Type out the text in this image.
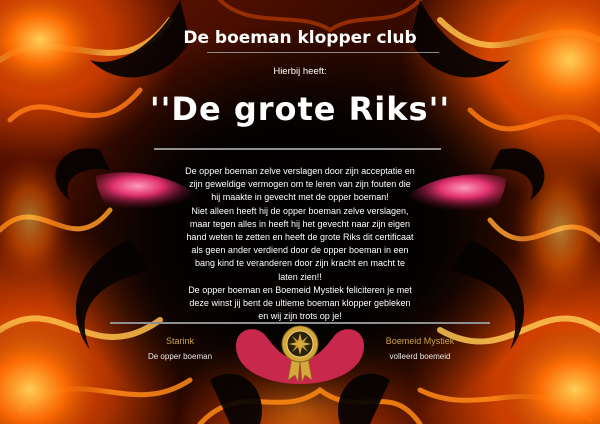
De boeman klopper club
Hierbij heeft:
''De grote Riks''

De opper boeman zelve verslagen door zijn acceptatie en

zijn geweldige vermogen om te leren van zijn fouten die

hij maakte in gevecht met de opper boeman!

Niet alleen heeft hij de opper boeman zelve verslagen,

maar tegen alles in heeft hij het gevecht naar zijn eigen

hand weten te zetten en heeft de grote Riks dit certificaat

als geen ander verdiend door de opper boeman in een

bang kind te veranderen door zijn kracht en macht te

laten zien!!

De opper boeman en Boemeid Mystiek feliciteren je met

deze winst jij bent de ultieme boeman klopper gebleken

en wij zijn trots op je!

Starink
De opper boeman
Boemeid Mystiek
volleerd boemeid
